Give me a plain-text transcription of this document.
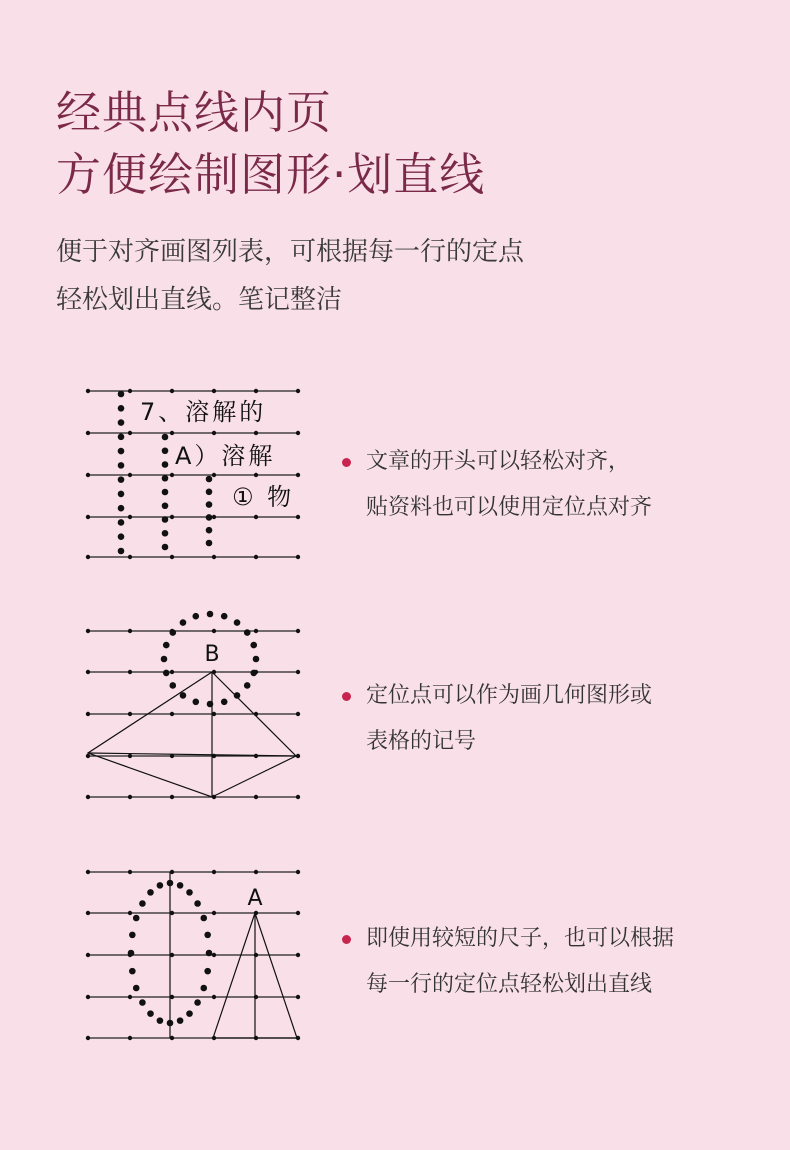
经典点线内页
方便绘制图形·划直线

便于对齐画图列表，可根据每一行的定点
轻松划出直线。笔记整洁

7、溶解的
A）溶解
① 物

文章的开头可以轻松对齐，
贴资料也可以使用定位点对齐

B

定位点可以作为画几何图形或
表格的记号

A

即使用较短的尺子，也可以根据
每一行的定位点轻松划出直线
